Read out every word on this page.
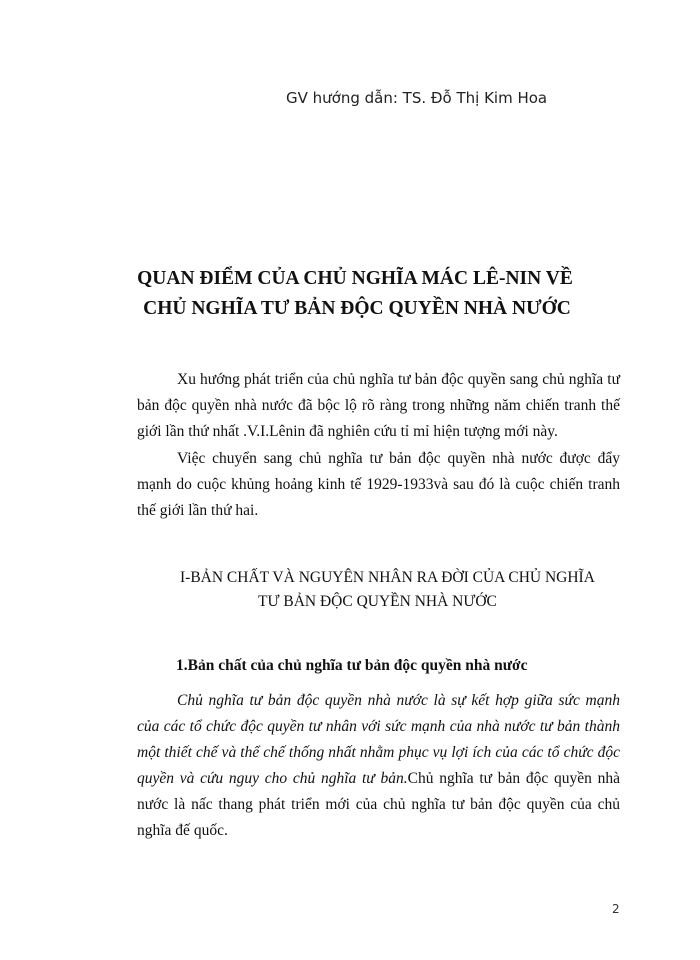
GV hướng dẫn: TS. Đỗ Thị Kim Hoa
QUAN ĐIỂM CỦA CHỦ NGHĨA MÁC LÊ-NIN VỀ
CHỦ NGHĨA TƯ BẢN ĐỘC QUYỀN NHÀ NƯỚC

Xu hướng phát triển của chủ nghĩa tư bản độc quyền sang chủ nghĩa tư bản độc quyền nhà nước đã bộc lộ rõ ràng trong những năm chiến tranh thế giới lần thứ nhất .V.I.Lênin đã nghiên cứu tỉ mỉ hiện tượng mới này.

Việc chuyển sang chủ nghĩa tư bản độc quyền nhà nước được đẩy mạnh do cuộc khủng hoảng kinh tế 1929-1933và sau đó là cuộc chiến tranh thế giới lần thứ hai.

I-BẢN CHẤT VÀ NGUYÊN NHÂN RA ĐỜI CỦA CHỦ NGHĨA
TƯ BẢN ĐỘC QUYỀN NHÀ NƯỚC
1.Bản chất của chủ nghĩa tư bản độc quyền nhà nước

Chủ nghĩa tư bản độc quyền nhà nước là sự kết hợp giữa sức mạnh của các tổ chức độc quyền tư nhân với sức mạnh của nhà nước tư bản thành một thiết chế và thể chế thống nhất nhằm phục vụ lợi ích của các tổ chức độc quyền và cứu nguy cho chủ nghĩa tư bản.Chủ nghĩa tư bản độc quyền nhà nước là nấc thang phát triển mới của chủ nghĩa tư bản độc quyền của chủ nghĩa đế quốc.

2
